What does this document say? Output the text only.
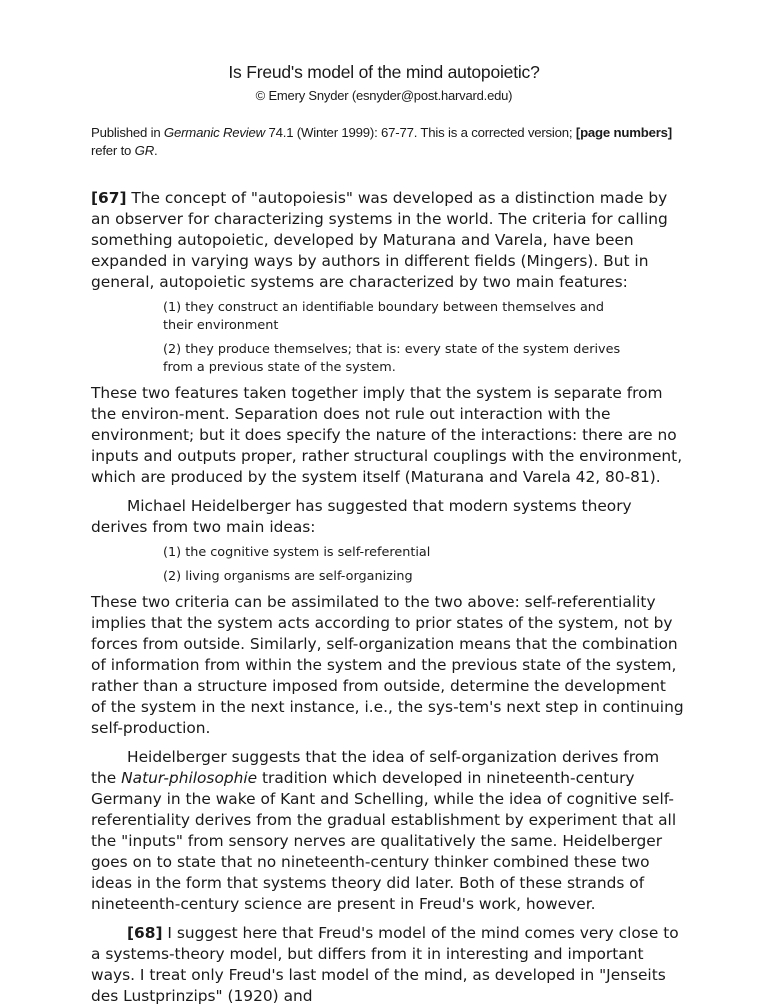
Is Freud's model of the mind autopoietic?
© Emery Snyder (esnyder@post.harvard.edu)
Published in Germanic Review 74.1 (Winter 1999): 67-77. This is a corrected version; [page numbers] refer to GR.

[67] The concept of "autopoiesis" was developed as a distinction made by an observer for characterizing systems in the world. The criteria for calling something autopoietic, developed by Maturana and Varela, have been expanded in varying ways by authors in different fields (Mingers). But in general, autopoietic systems are characterized by two main features:

(1) they construct an identifiable boundary between themselves and their environment
(2) they produce themselves; that is: every state of the system derives from a previous state of the system.

These two features taken together imply that the system is separate from the environ-ment. Separation does not rule out interaction with the environment; but it does specify the nature of the interactions: there are no inputs and outputs proper, rather structural couplings with the environment, which are produced by the system itself (Maturana and Varela 42, 80-81).

Michael Heidelberger has suggested that modern systems theory derives from two main ideas:

(1) the cognitive system is self-referential
(2) living organisms are self-organizing

These two criteria can be assimilated to the two above: self-referentiality implies that the system acts according to prior states of the system, not by forces from outside. Similarly, self-organization means that the combination of information from within the system and the previous state of the system, rather than a structure imposed from outside, determine the development of the system in the next instance, i.e., the sys-tem's next step in continuing self-production.

Heidelberger suggests that the idea of self-organization derives from the Natur-philosophie tradition which developed in nineteenth-century Germany in the wake of Kant and Schelling, while the idea of cognitive self-referentiality derives from the gradual establishment by experiment that all the "inputs" from sensory nerves are qualitatively the same. Heidelberger goes on to state that no nineteenth-century thinker combined these two ideas in the form that systems theory did later. Both of these strands of nineteenth-century science are present in Freud's work, however.

[68] I suggest here that Freud's model of the mind comes very close to a systems-theory model, but differs from it in interesting and important ways. I treat only Freud's last model of the mind, as developed in "Jenseits des Lustprinzips" (1920) and
